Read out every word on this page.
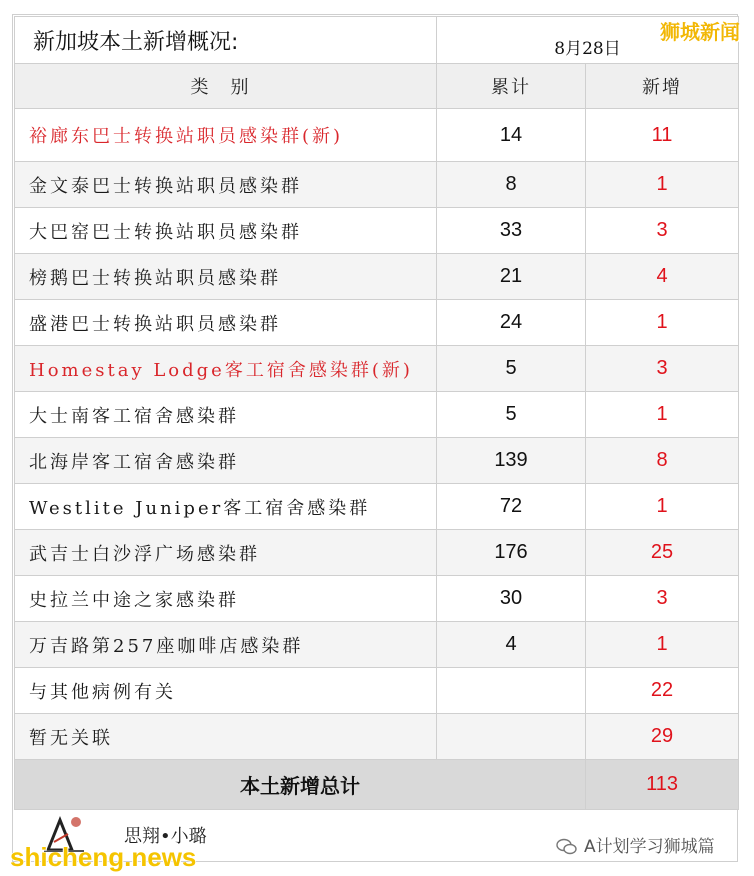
新加坡本土新增概况:	8月28日	
类别	累计	新增
裕廊东巴士转换站职员感染群(新)	14	11
金文泰巴士转换站职员感染群	8	1
大巴窑巴士转换站职员感染群	33	3
榜鹅巴士转换站职员感染群	21	4
盛港巴士转换站职员感染群	24	1
Homestay Lodge客工宿舍感染群(新)	5	3
大士南客工宿舍感染群	5	1
北海岸客工宿舍感染群	139	8
Westlite Juniper客工宿舍感染群	72	1
武吉士白沙浮广场感染群	176	25
史拉兰中途之家感染群	30	3
万吉路第257座咖啡店感染群	4	1
与其他病例有关		22
暂无关联		29
本土新增总计		113
狮城新闻
思翔•小璐
shicheng.news	A计划学习狮城篇
